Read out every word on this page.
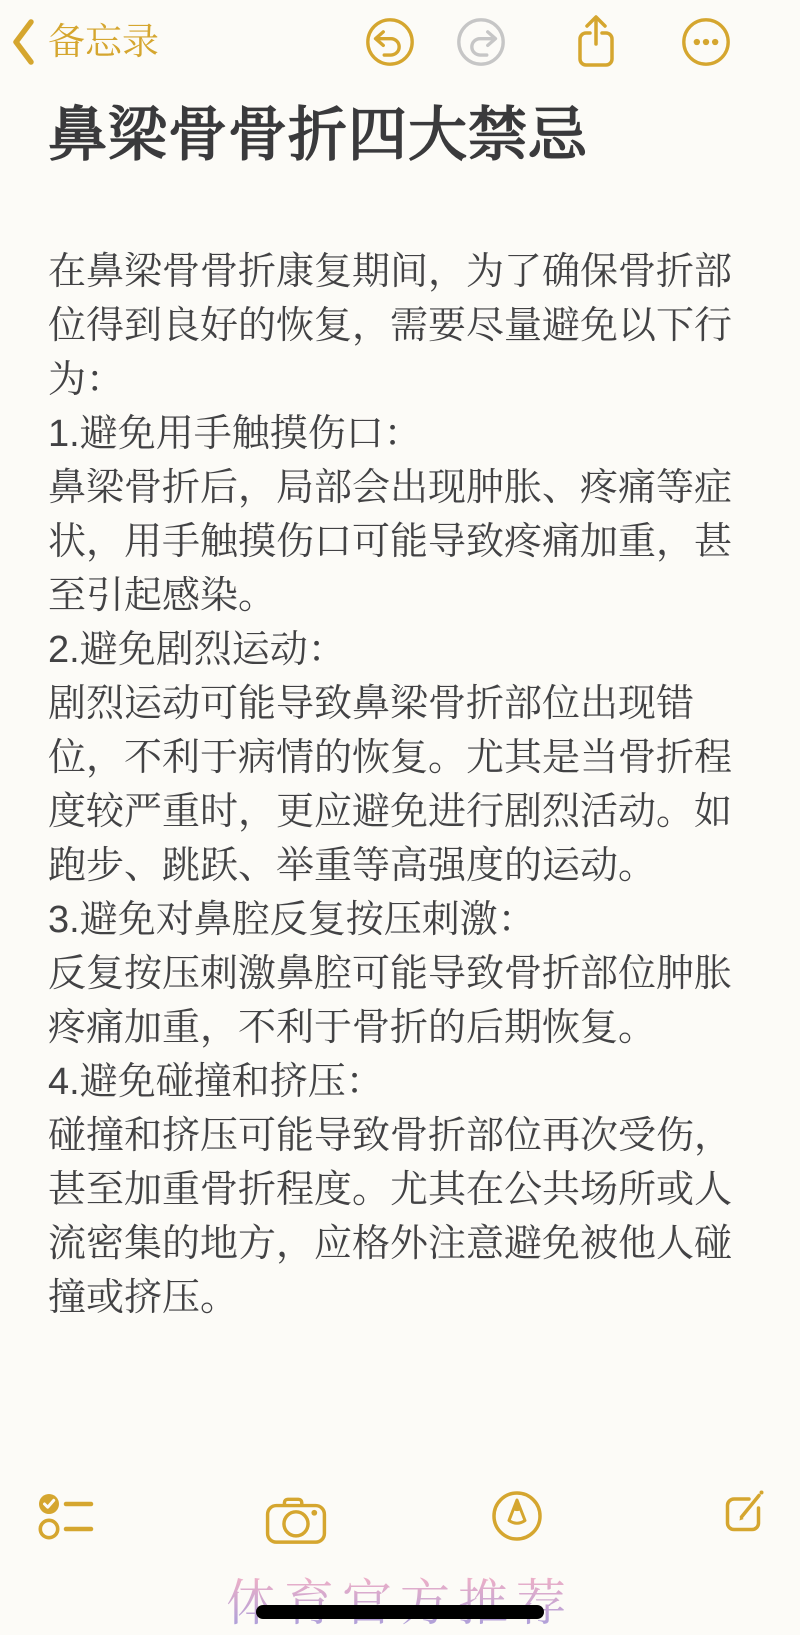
备忘录
鼻梁骨骨折四大禁忌
在鼻梁骨骨折康复期间，为了确保骨折部
位得到良好的恢复，需要尽量避免以下行
为：
1.避免用手触摸伤口：
鼻梁骨折后，局部会出现肿胀、疼痛等症
状，用手触摸伤口可能导致疼痛加重，甚
至引起感染。
2.避免剧烈运动：
剧烈运动可能导致鼻梁骨折部位出现错
位，不利于病情的恢复。尤其是当骨折程
度较严重时，更应避免进行剧烈活动。如
跑步、跳跃、举重等高强度的运动。
3.避免对鼻腔反复按压刺激：
反复按压刺激鼻腔可能导致骨折部位肿胀
疼痛加重，不利于骨折的后期恢复。
4.避免碰撞和挤压：
碰撞和挤压可能导致骨折部位再次受伤，
甚至加重骨折程度。尤其在公共场所或人
流密集的地方，应格外注意避免被他人碰
撞或挤压。
体育官方推荐
